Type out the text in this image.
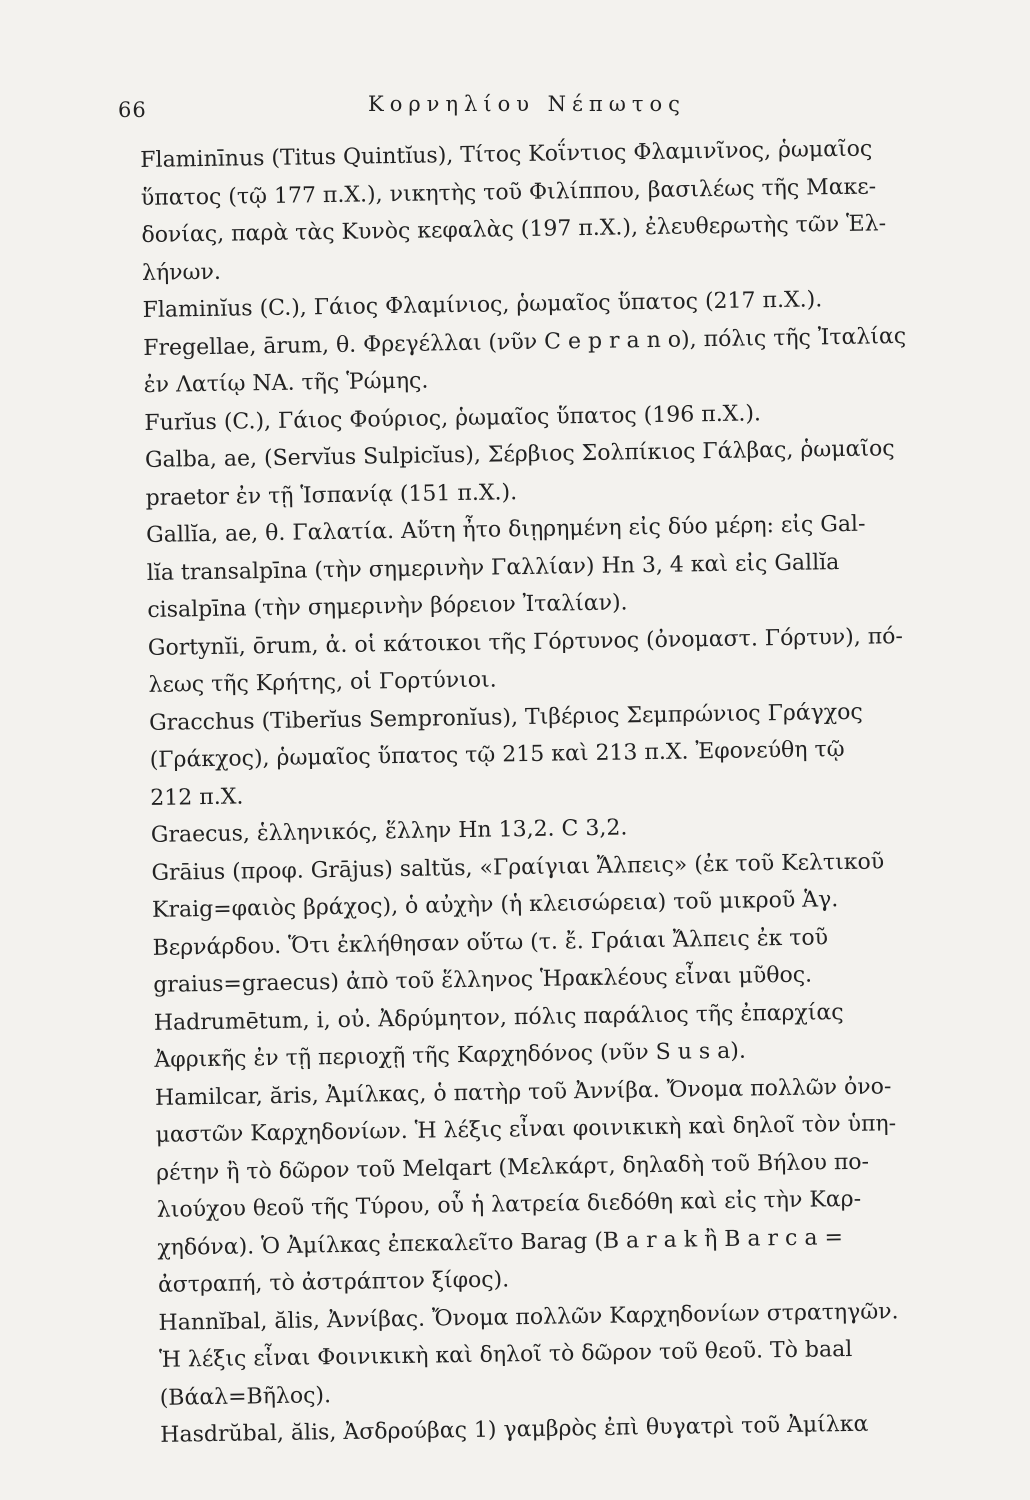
66	Κορνηλίου Νέπωτος

Flaminīnus (Titus Quintĭus), Τίτος Κοΐντιος Φλαμινῖνος, ῥωμαῖος
ὕπατος (τῷ 177 π.Χ.), νικητὴς τοῦ Φιλίππου, βασιλέως τῆς Μακε-
δονίας, παρὰ τὰς Κυνὸς κεφαλὰς (197 π.Χ.), ἐλευθερωτὴς τῶν Ἑλ-
λήνων.

Flaminĭus (C.), Γάιος Φλαμίνιος, ῥωμαῖος ὕπατος (217 π.Χ.).

Fregellae, ārum, θ. Φρεγέλλαι (νῦν C e p r a n o), πόλις τῆς Ἰταλίας
ἐν Λατίῳ ΝΑ. τῆς Ῥώμης.

Furĭus (C.), Γάιος Φούριος, ῥωμαῖος ὕπατος (196 π.Χ.).

Galba, ae, (Servĭus Sulpicĭus), Σέρβιος Σολπίκιος Γάλβας, ῥωμαῖος
praetor ἐν τῇ Ἱσπανίᾳ (151 π.Χ.).

Gallĭa, ae, θ. Γαλατία. Αὕτη ἦτο διῃρημένη εἰς δύο μέρη: εἰς Gal-
lĭa transalpīna (τὴν σημερινὴν Γαλλίαν) Ηn 3, 4 καὶ εἰς Gallĭa
cisalpīna (τὴν σημερινὴν βόρειον Ἰταλίαν).

Gortynĭi, ōrum, ἀ. οἱ κάτοικοι τῆς Γόρτυνος (ὀνομαστ. Γόρτυν), πό-
λεως τῆς Κρήτης, οἱ Γορτύνιοι.

Gracchus (Tiberĭus Sempronĭus), Τιβέριος Σεμπρώνιος Γράγχος
(Γράκχος), ῥωμαῖος ὕπατος τῷ 215 καὶ 213 π.Χ. Ἐφονεύθη τῷ
212 π.Χ.

Graecus, ἑλληνικός, ἕλλην Ηn 13,2. C 3,2.

Grāius (προφ. Grājus) saltŭs, «Γραίγιαι Ἄλπεις» (ἐκ τοῦ Κελτικοῦ
Kraig=φαιὸς βράχος), ὁ αὐχὴν (ἡ κλεισώρεια) τοῦ μικροῦ Ἁγ.
Βερνάρδου. Ὅτι ἐκλήθησαν οὕτω (τ. ἔ. Γράιαι Ἄλπεις ἐκ τοῦ
graius=graecus) ἀπὸ τοῦ ἕλληνος Ἡρακλέους εἶναι μῦθος.

Hadrumētum, i, οὐ. Ἀδρύμητον, πόλις παράλιος τῆς ἐπαρχίας
Ἀφρικῆς ἐν τῇ περιοχῇ τῆς Καρχηδόνος (νῦν S u s a).

Hamilcar, ăris, Ἀμίλκας, ὁ πατὴρ τοῦ Ἀννίβα. Ὄνομα πολλῶν ὀνο-
μαστῶν Καρχηδονίων. Ἡ λέξις εἶναι φοινικικὴ καὶ δηλοῖ τὸν ὑπη-
ρέτην ἢ τὸ δῶρον τοῦ Melqart (Μελκάρτ, δηλαδὴ τοῦ Βήλου πο-
λιούχου θεοῦ τῆς Τύρου, οὗ ἡ λατρεία διεδόθη καὶ εἰς τὴν Καρ-
χηδόνα). Ὁ Ἀμίλκας ἐπεκαλεῖτο Barag (B a r a k ἢ B a r c a =
ἀστραπή, τὸ ἀστράπτον ξίφος).

Hannĭbal, ălis, Ἀννίβας. Ὄνομα πολλῶν Καρχηδονίων στρατηγῶν.
Ἡ λέξις εἶναι Φοινικικὴ καὶ δηλοῖ τὸ δῶρον τοῦ θεοῦ. Τὸ baal
(Βάαλ=Βῆλος).

Hasdrŭbal, ălis, Ἀσδρούβας 1) γαμβρὸς ἐπὶ θυγατρὶ τοῦ Ἀμίλκα
